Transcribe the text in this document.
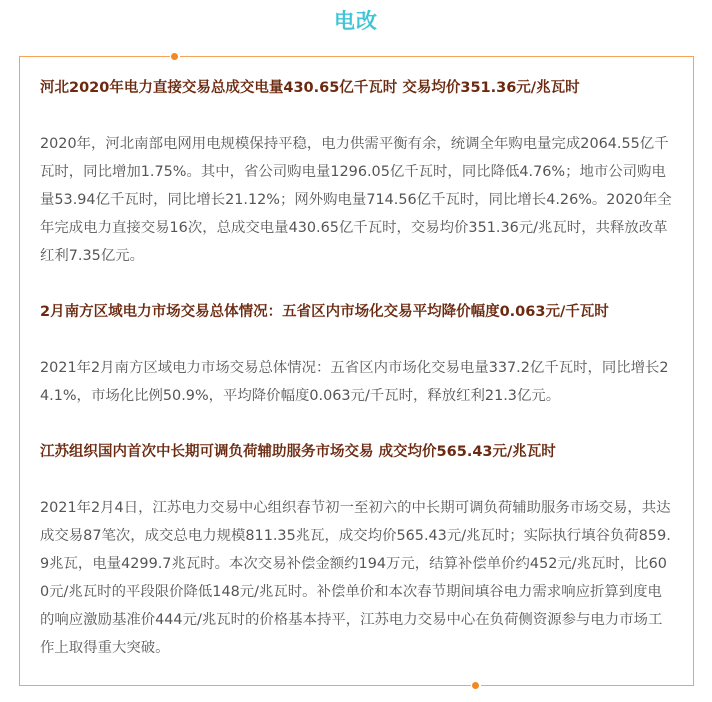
电改
河北2020年电力直接交易总成交电量430.65亿千瓦时 交易均价351.36元/兆瓦时

2020年，河北南部电网用电规模保持平稳，电力供需平衡有余，统调全年购电量完成2064.55亿千瓦时，同比增加1.75%。其中，省公司购电量1296.05亿千瓦时，同比降低4.76%；地市公司购电量53.94亿千瓦时，同比增长21.12%；网外购电量714.56亿千瓦时，同比增长4.26%。2020年全年完成电力直接交易16次，总成交电量430.65亿千瓦时，交易均价351.36元/兆瓦时，共释放改革红利7.35亿元。

2月南方区域电力市场交易总体情况：五省区内市场化交易平均降价幅度0.063元/千瓦时

2021年2月南方区域电力市场交易总体情况：五省区内市场化交易电量337.2亿千瓦时，同比增长24.1%，市场化比例50.9%，平均降价幅度0.063元/千瓦时，释放红利21.3亿元。

江苏组织国内首次中长期可调负荷辅助服务市场交易 成交均价565.43元/兆瓦时

2021年2月4日，江苏电力交易中心组织春节初一至初六的中长期可调负荷辅助服务市场交易，共达成交易87笔次，成交总电力规模811.35兆瓦，成交均价565.43元/兆瓦时；实际执行填谷负荷859.9兆瓦，电量4299.7兆瓦时。本次交易补偿金额约194万元，结算补偿单价约452元/兆瓦时，比600元/兆瓦时的平段限价降低148元/兆瓦时。补偿单价和本次春节期间填谷电力需求响应折算到度电的响应激励基准价444元/兆瓦时的价格基本持平，江苏电力交易中心在负荷侧资源参与电力市场工作上取得重大突破。
